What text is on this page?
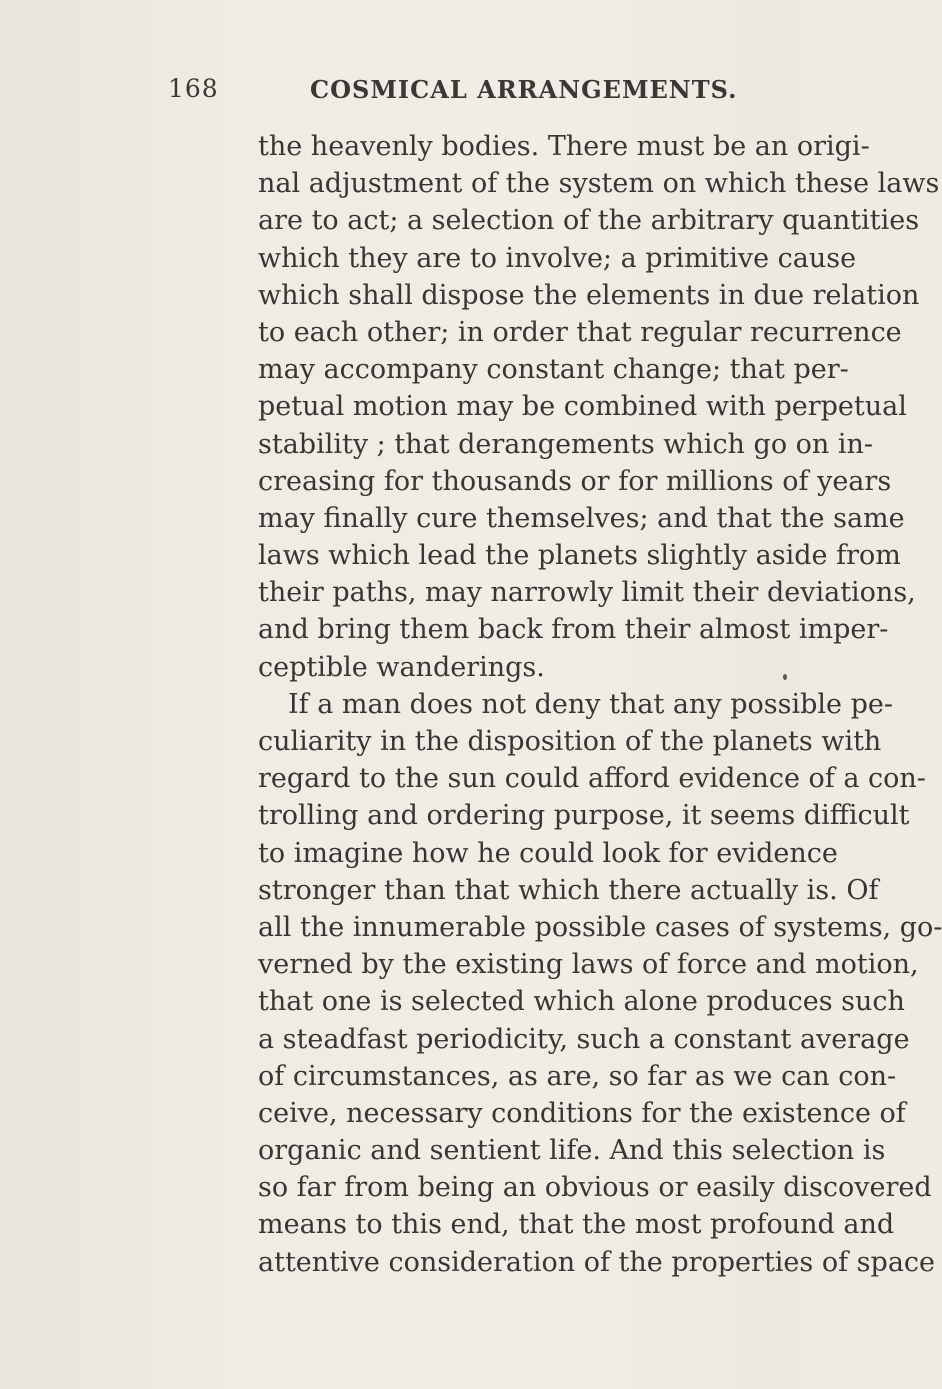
168	COSMICAL ARRANGEMENTS.
the heavenly bodies. There must be an origi-
nal adjustment of the system on which these laws
are to act; a selection of the arbitrary quantities
which they are to involve; a primitive cause
which shall dispose the elements in due relation
to each other; in order that regular recurrence
may accompany constant change; that per-
petual motion may be combined with perpetual
stability ; that derangements which go on in-
creasing for thousands or for millions of years
may finally cure themselves; and that the same
laws which lead the planets slightly aside from
their paths, may narrowly limit their deviations,
and bring them back from their almost imper-
ceptible wanderings.
If a man does not deny that any possible pe-
culiarity in the disposition of the planets with
regard to the sun could afford evidence of a con-
trolling and ordering purpose, it seems difficult
to imagine how he could look for evidence
stronger than that which there actually is. Of
all the innumerable possible cases of systems, go-
verned by the existing laws of force and motion,
that one is selected which alone produces such
a steadfast periodicity, such a constant average
of circumstances, as are, so far as we can con-
ceive, necessary conditions for the existence of
organic and sentient life. And this selection is
so far from being an obvious or easily discovered
means to this end, that the most profound and
attentive consideration of the properties of space
